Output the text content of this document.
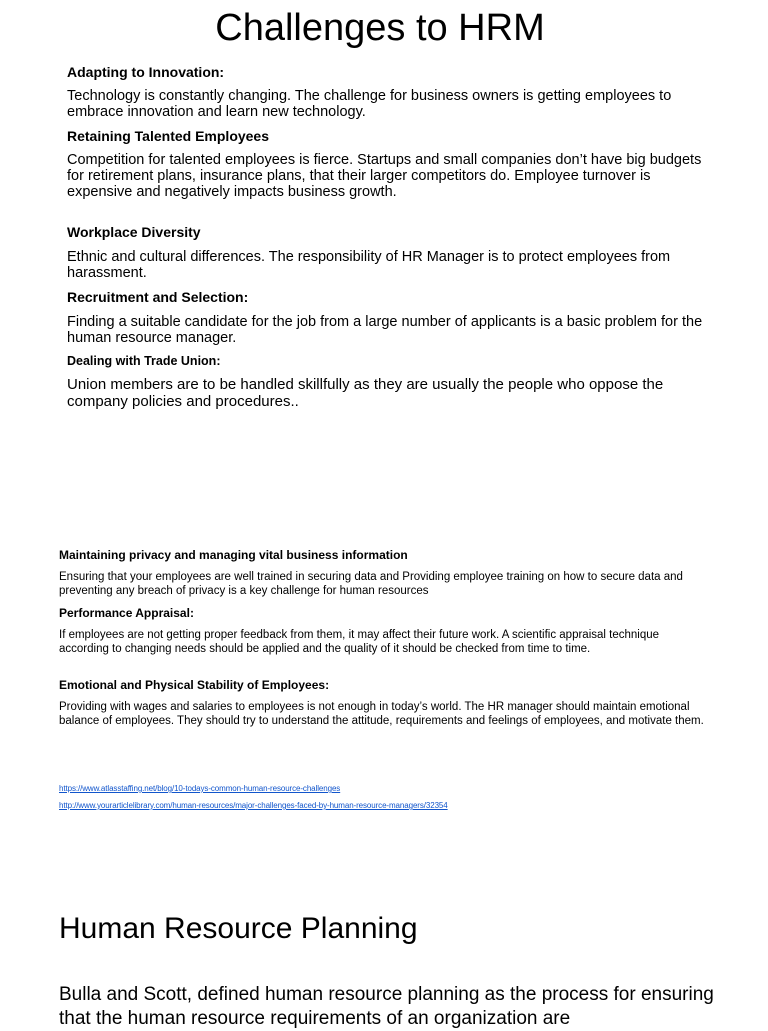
Challenges to HRM
Adapting to Innovation:
Technology is constantly changing. The challenge for business owners is getting employees to embrace innovation and learn new technology.
Retaining Talented Employees
Competition for talented employees is fierce. Startups and small companies don’t have big budgets for retirement plans, insurance plans, that their larger competitors do. Employee turnover is expensive and negatively impacts business growth.
Workplace Diversity
Ethnic and cultural differences. The responsibility of HR Manager is to protect employees from harassment.
Recruitment and Selection:
Finding a suitable candidate for the job from a large number of applicants is a basic problem for the human resource manager.
Dealing with Trade Union:
Union members are to be handled skillfully as they are usually the people who oppose the company policies and procedures..
Maintaining privacy and managing vital business information
Ensuring that your employees are well trained in securing data and Providing employee training on how to secure data and preventing any breach of privacy is a key challenge for human resources
Performance Appraisal:
If employees are not getting proper feedback from them, it may affect their future work. A scientific appraisal technique according to changing needs should be applied and the quality of it should be checked from time to time.
Emotional and Physical Stability of Employees:
Providing with wages and salaries to employees is not enough in today’s world. The HR manager should maintain emotional balance of employees. They should try to understand the attitude, requirements and feelings of employees, and motivate them.
https://www.atlasstaffing.net/blog/10-todays-common-human-resource-challenges
http://www.yourarticlelibrary.com/human-resources/major-challenges-faced-by-human-resource-managers/32354
Human Resource Planning
Bulla and Scott, defined human resource planning as the process for ensuring that the human resource requirements of an organization are
